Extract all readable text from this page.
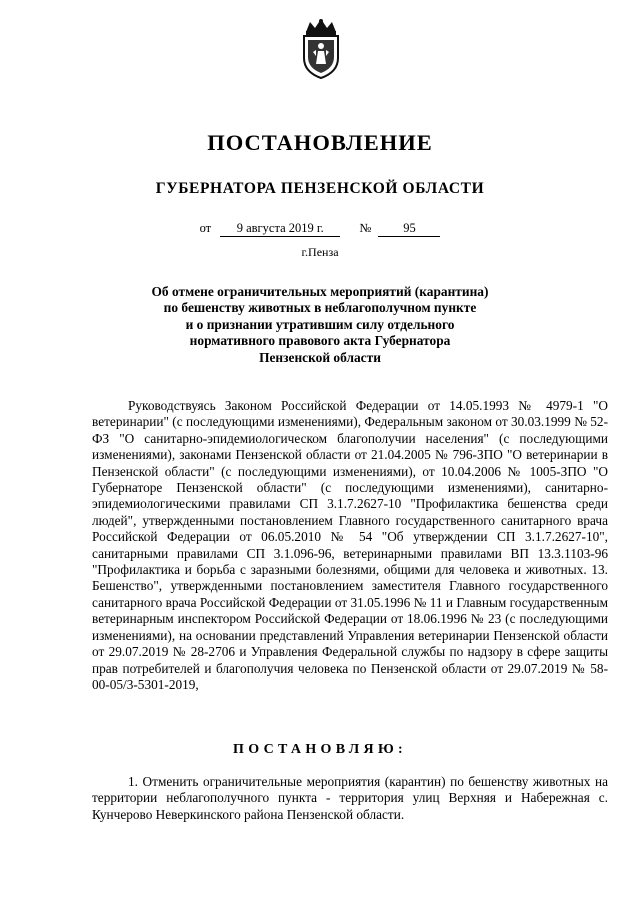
ПОСТАНОВЛЕНИЕ
ГУБЕРНАТОРА ПЕНЗЕНСКОЙ ОБЛАСТИ
от 9 августа 2019 г.	№	95
г.Пенза
Об отмене ограничительных мероприятий (карантина)
по бешенству животных в неблагополучном пункте
и о признании утратившим силу отдельного
нормативного правового акта Губернатора
Пензенской области
Руководствуясь Законом Российской Федерации от 14.05.1993 № 4979-1 "О ветеринарии" (с последующими изменениями), Федеральным законом от 30.03.1999 № 52-ФЗ "О санитарно-эпидемиологическом благополучии населения" (с последующими изменениями), законами Пензенской области от 21.04.2005 № 796-ЗПО "О ветеринарии в Пензенской области" (с последующими изменениями), от 10.04.2006 № 1005-ЗПО "О Губернаторе Пензенской области" (с последующими изменениями), санитарно-эпидемиологическими правилами СП 3.1.7.2627-10 "Профилактика бешенства среди людей", утвержденными постановлением Главного государственного санитарного врача Российской Федерации от 06.05.2010 № 54 "Об утверждении СП 3.1.7.2627-10", санитарными правилами СП 3.1.096-96, ветеринарными правилами ВП 13.3.1103-96 "Профилактика и борьба с заразными болезнями, общими для человека и животных. 13. Бешенство", утвержденными постановлением заместителя Главного государственного санитарного врача Российской Федерации от 31.05.1996 № 11 и Главным государственным ветеринарным инспектором Российской Федерации от 18.06.1996 № 23 (с последующими изменениями), на основании представлений Управления ветеринарии Пензенской области от 29.07.2019 № 28-2706 и Управления Федеральной службы по надзору в сфере защиты прав потребителей и благополучия человека по Пензенской области от 29.07.2019 № 58-00-05/3-5301-2019,
ПОСТАНОВЛЯЮ:
1. Отменить ограничительные мероприятия (карантин) по бешенству животных на территории неблагополучного пункта - территория улиц Верхняя и Набережная с. Кунчерово Неверкинского района Пензенской области.
